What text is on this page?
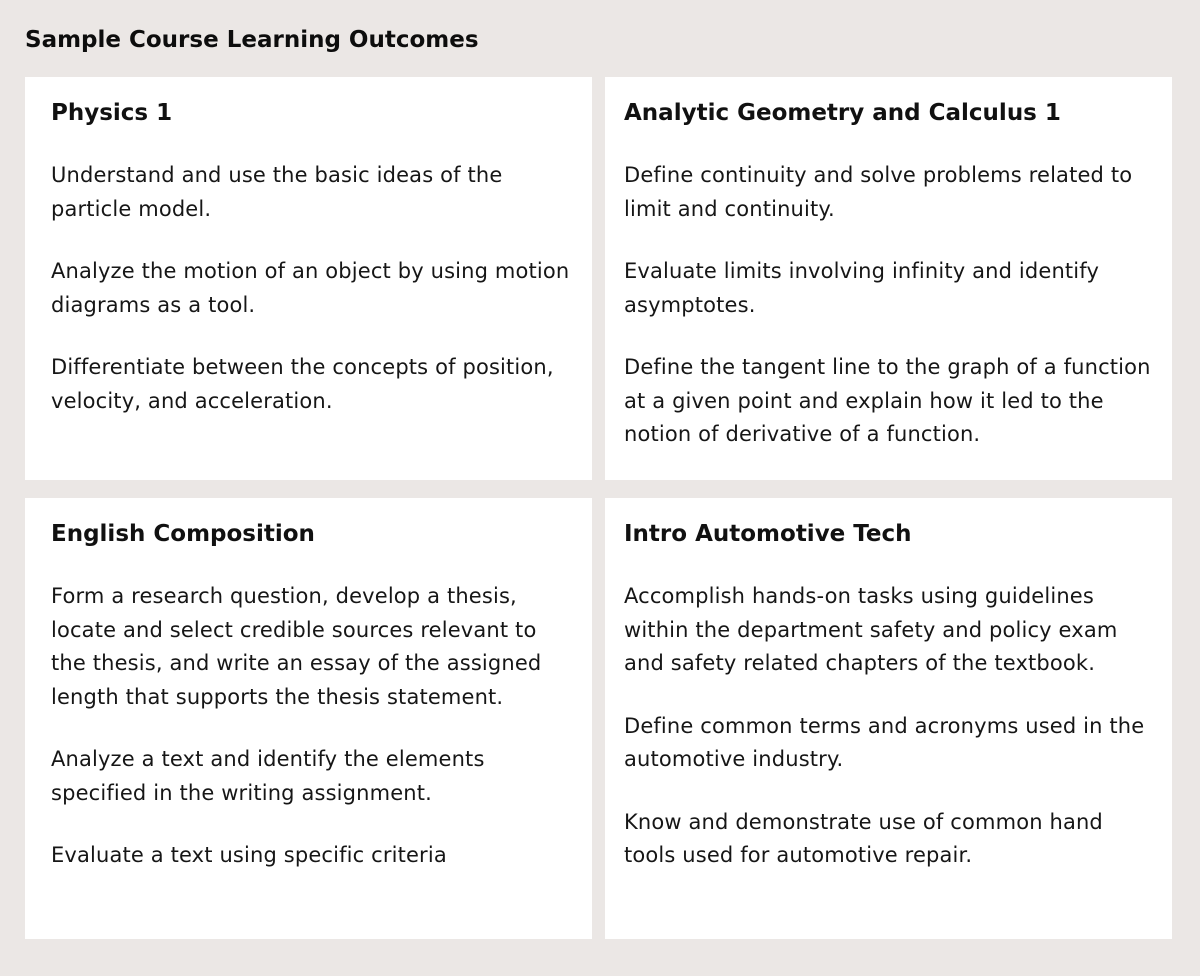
Sample Course Learning Outcomes
Physics 1

Understand and use the basic ideas of the particle model.

Analyze the motion of an object by using motion diagrams as a tool.

Differentiate between the concepts of position, velocity, and acceleration.

Analytic Geometry and Calculus 1

Define continuity and solve problems related to limit and continuity.

Evaluate limits involving infinity and identify asymptotes.

Define the tangent line to the graph of a function at a given point and explain how it led to the notion of derivative of a function.

English Composition

Form a research question, develop a thesis, locate and select credible sources relevant to the thesis, and write an essay of the assigned length that supports the thesis statement.

Analyze a text and identify the elements specified in the writing assignment.

Evaluate a text using specific criteria

Intro Automotive Tech

Accomplish hands-on tasks using guidelines within the department safety and policy exam and safety related chapters of the textbook.

Define common terms and acronyms used in the automotive industry.

Know and demonstrate use of common hand tools used for automotive repair.
